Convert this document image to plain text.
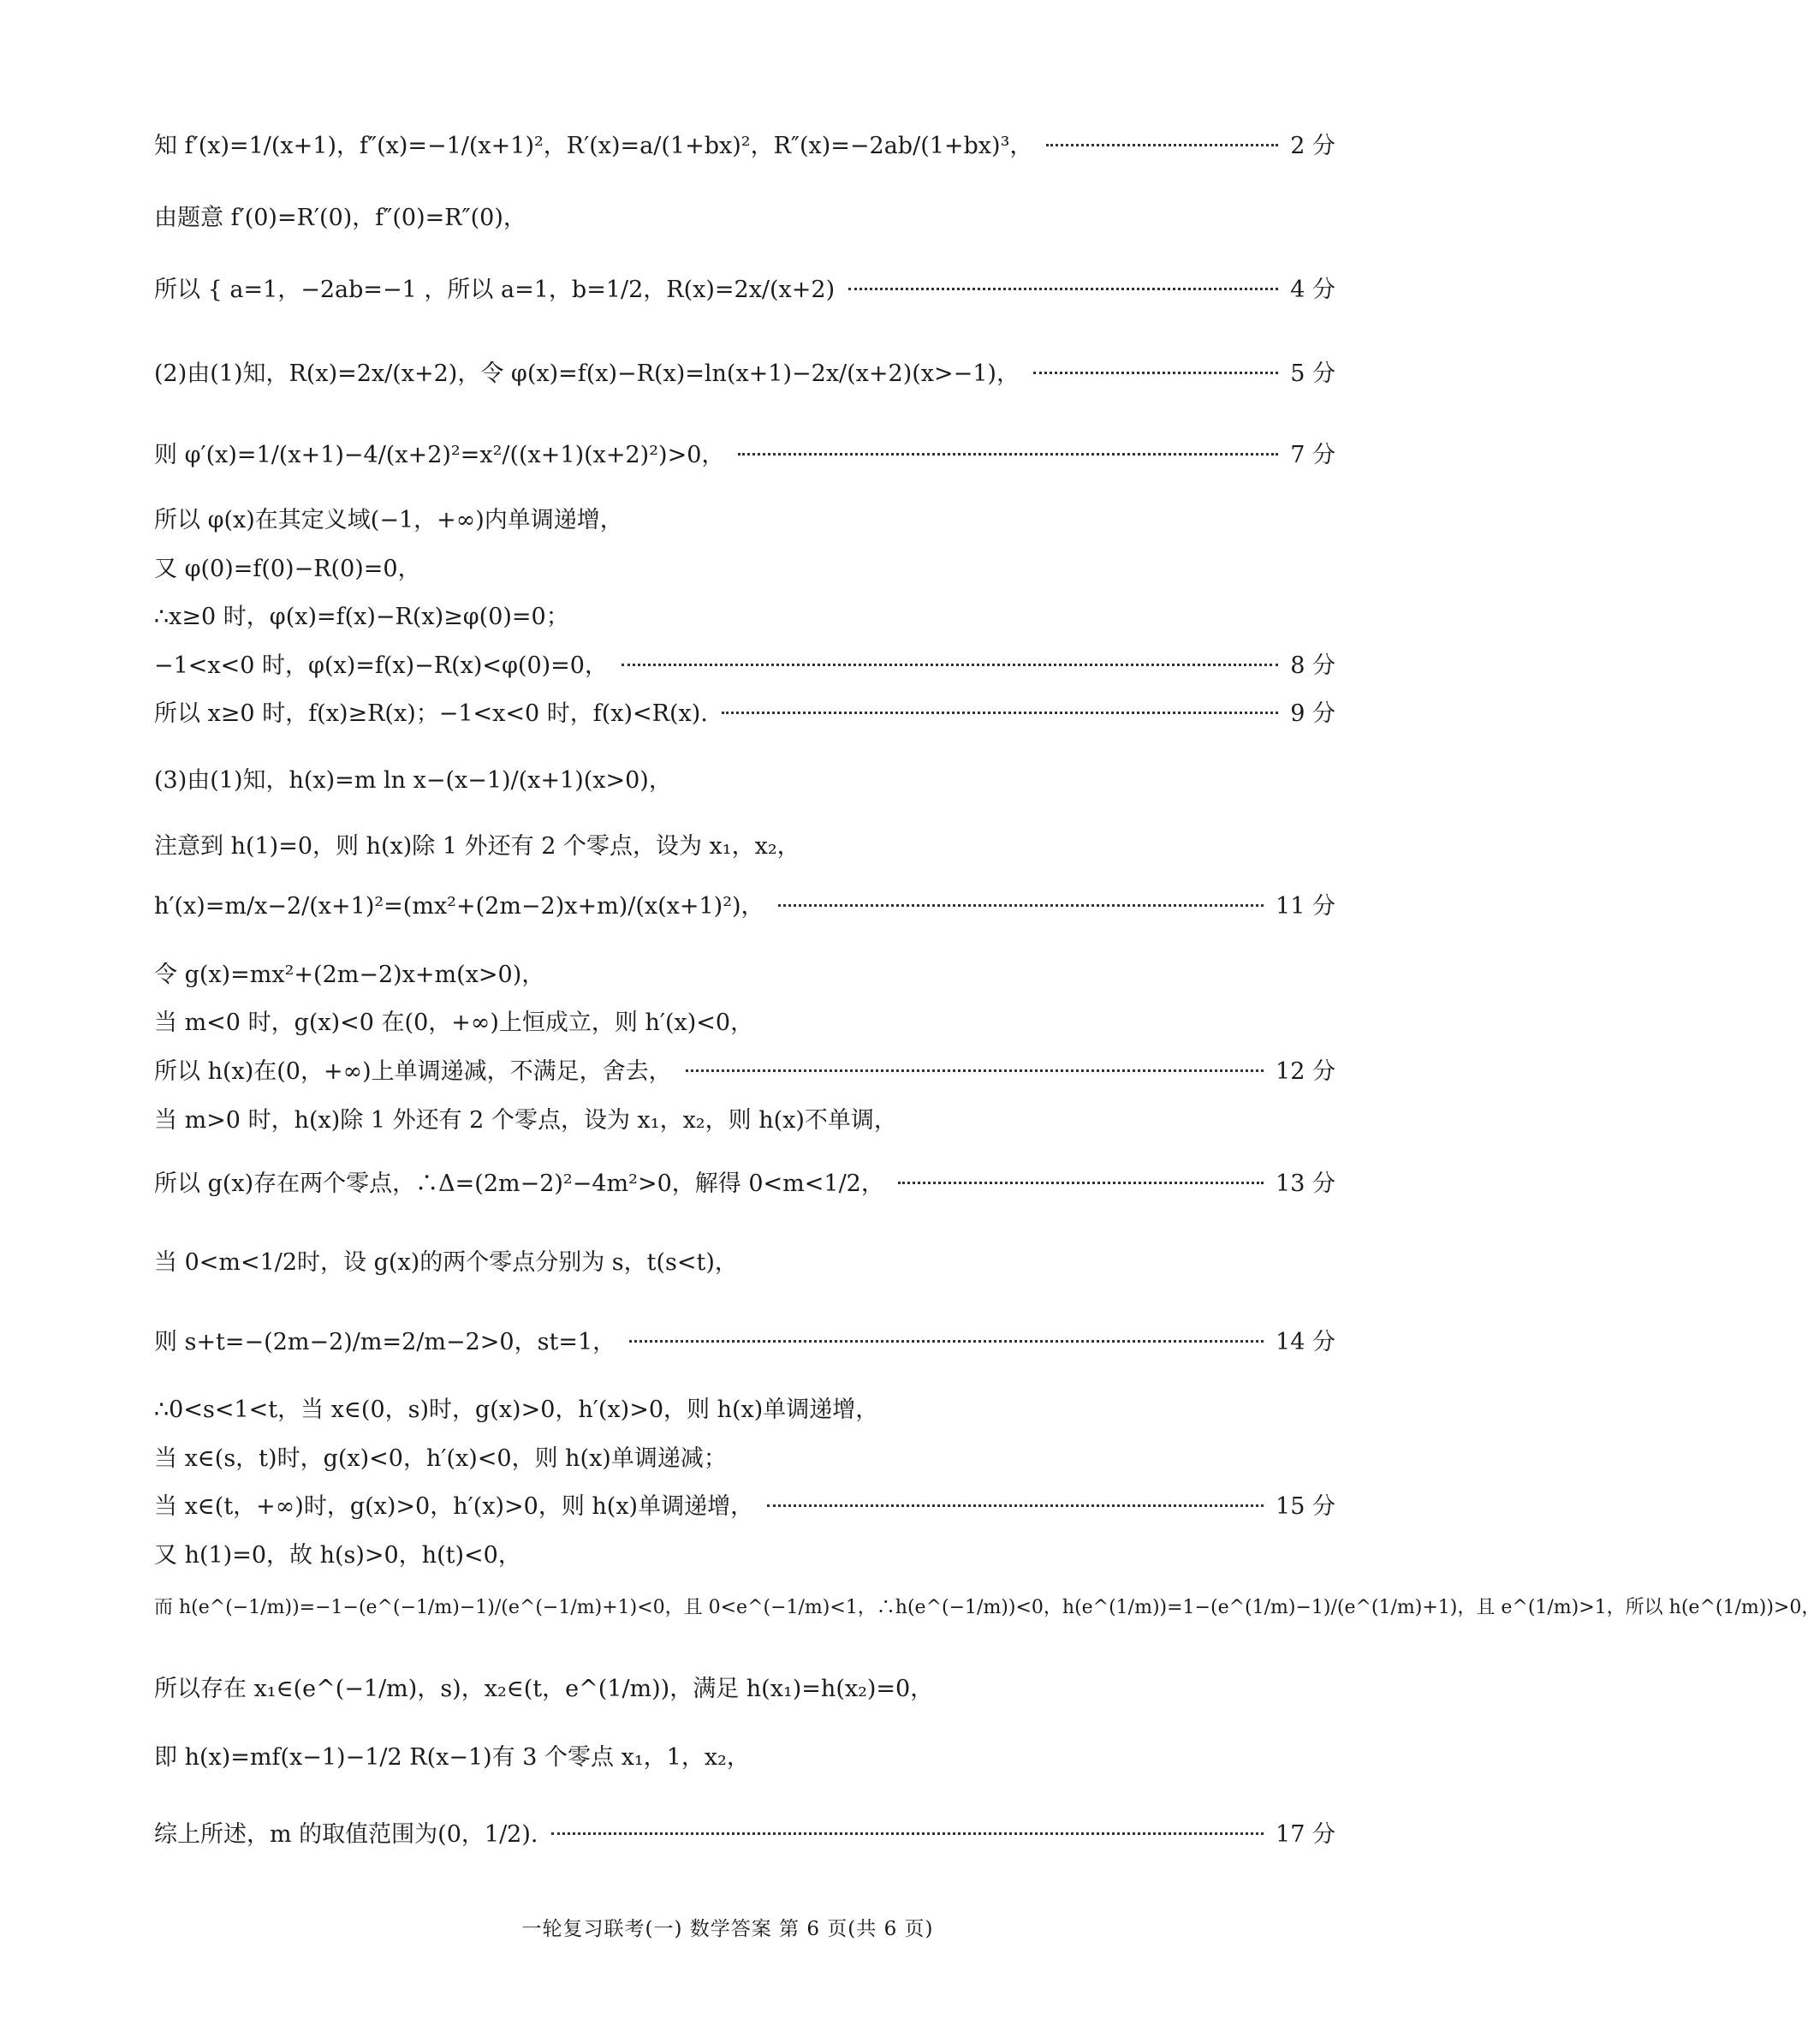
知 f′(x)=1/(x+1)，f″(x)=−1/(x+1)²，R′(x)=a/(1+bx)²，R″(x)=−2ab/(1+bx)³，	2 分
由题意 f′(0)=R′(0)，f″(0)=R″(0)，
所以 { a=1，−2ab=−1 ，所以 a=1，b=1/2，R(x)=2x/(x+2)	4 分
(2)由(1)知，R(x)=2x/(x+2)，令 φ(x)=f(x)−R(x)=ln(x+1)−2x/(x+2)(x>−1)，	5 分
则 φ′(x)=1/(x+1)−4/(x+2)²=x²/((x+1)(x+2)²)>0，	7 分
所以 φ(x)在其定义域(−1，+∞)内单调递增，
又 φ(0)=f(0)−R(0)=0，
∴x≥0 时，φ(x)=f(x)−R(x)≥φ(0)=0；
−1<x<0 时，φ(x)=f(x)−R(x)<φ(0)=0，	8 分
所以 x≥0 时，f(x)≥R(x)；−1<x<0 时，f(x)<R(x).	9 分
(3)由(1)知，h(x)=m ln x−(x−1)/(x+1)(x>0)，
注意到 h(1)=0，则 h(x)除 1 外还有 2 个零点，设为 x₁，x₂，
h′(x)=m/x−2/(x+1)²=(mx²+(2m−2)x+m)/(x(x+1)²)，	11 分
令 g(x)=mx²+(2m−2)x+m(x>0)，
当 m<0 时，g(x)<0 在(0，+∞)上恒成立，则 h′(x)<0，
所以 h(x)在(0，+∞)上单调递减，不满足，舍去，	12 分
当 m>0 时，h(x)除 1 外还有 2 个零点，设为 x₁，x₂，则 h(x)不单调，
所以 g(x)存在两个零点，∴Δ=(2m−2)²−4m²>0，解得 0<m<1/2，	13 分
当 0<m<1/2时，设 g(x)的两个零点分别为 s，t(s<t)，
则 s+t=−(2m−2)/m=2/m−2>0，st=1，	14 分
∴0<s<1<t，当 x∈(0，s)时，g(x)>0，h′(x)>0，则 h(x)单调递增，
当 x∈(s，t)时，g(x)<0，h′(x)<0，则 h(x)单调递减；
当 x∈(t，+∞)时，g(x)>0，h′(x)>0，则 h(x)单调递增，	15 分
又 h(1)=0，故 h(s)>0，h(t)<0，
而 h(e^(−1/m))=−1−(e^(−1/m)−1)/(e^(−1/m)+1)<0，且 0<e^(−1/m)<1，∴h(e^(−1/m))<0，h(e^(1/m))=1−(e^(1/m)−1)/(e^(1/m)+1)，且 e^(1/m)>1，所以 h(e^(1/m))>0，
所以存在 x₁∈(e^(−1/m)，s)，x₂∈(t，e^(1/m))，满足 h(x₁)=h(x₂)=0，
即 h(x)=mf(x−1)−1/2 R(x−1)有 3 个零点 x₁，1，x₂，
综上所述，m 的取值范围为(0，1/2).	17 分
一轮复习联考(一) 数学答案 第 6 页(共 6 页)
